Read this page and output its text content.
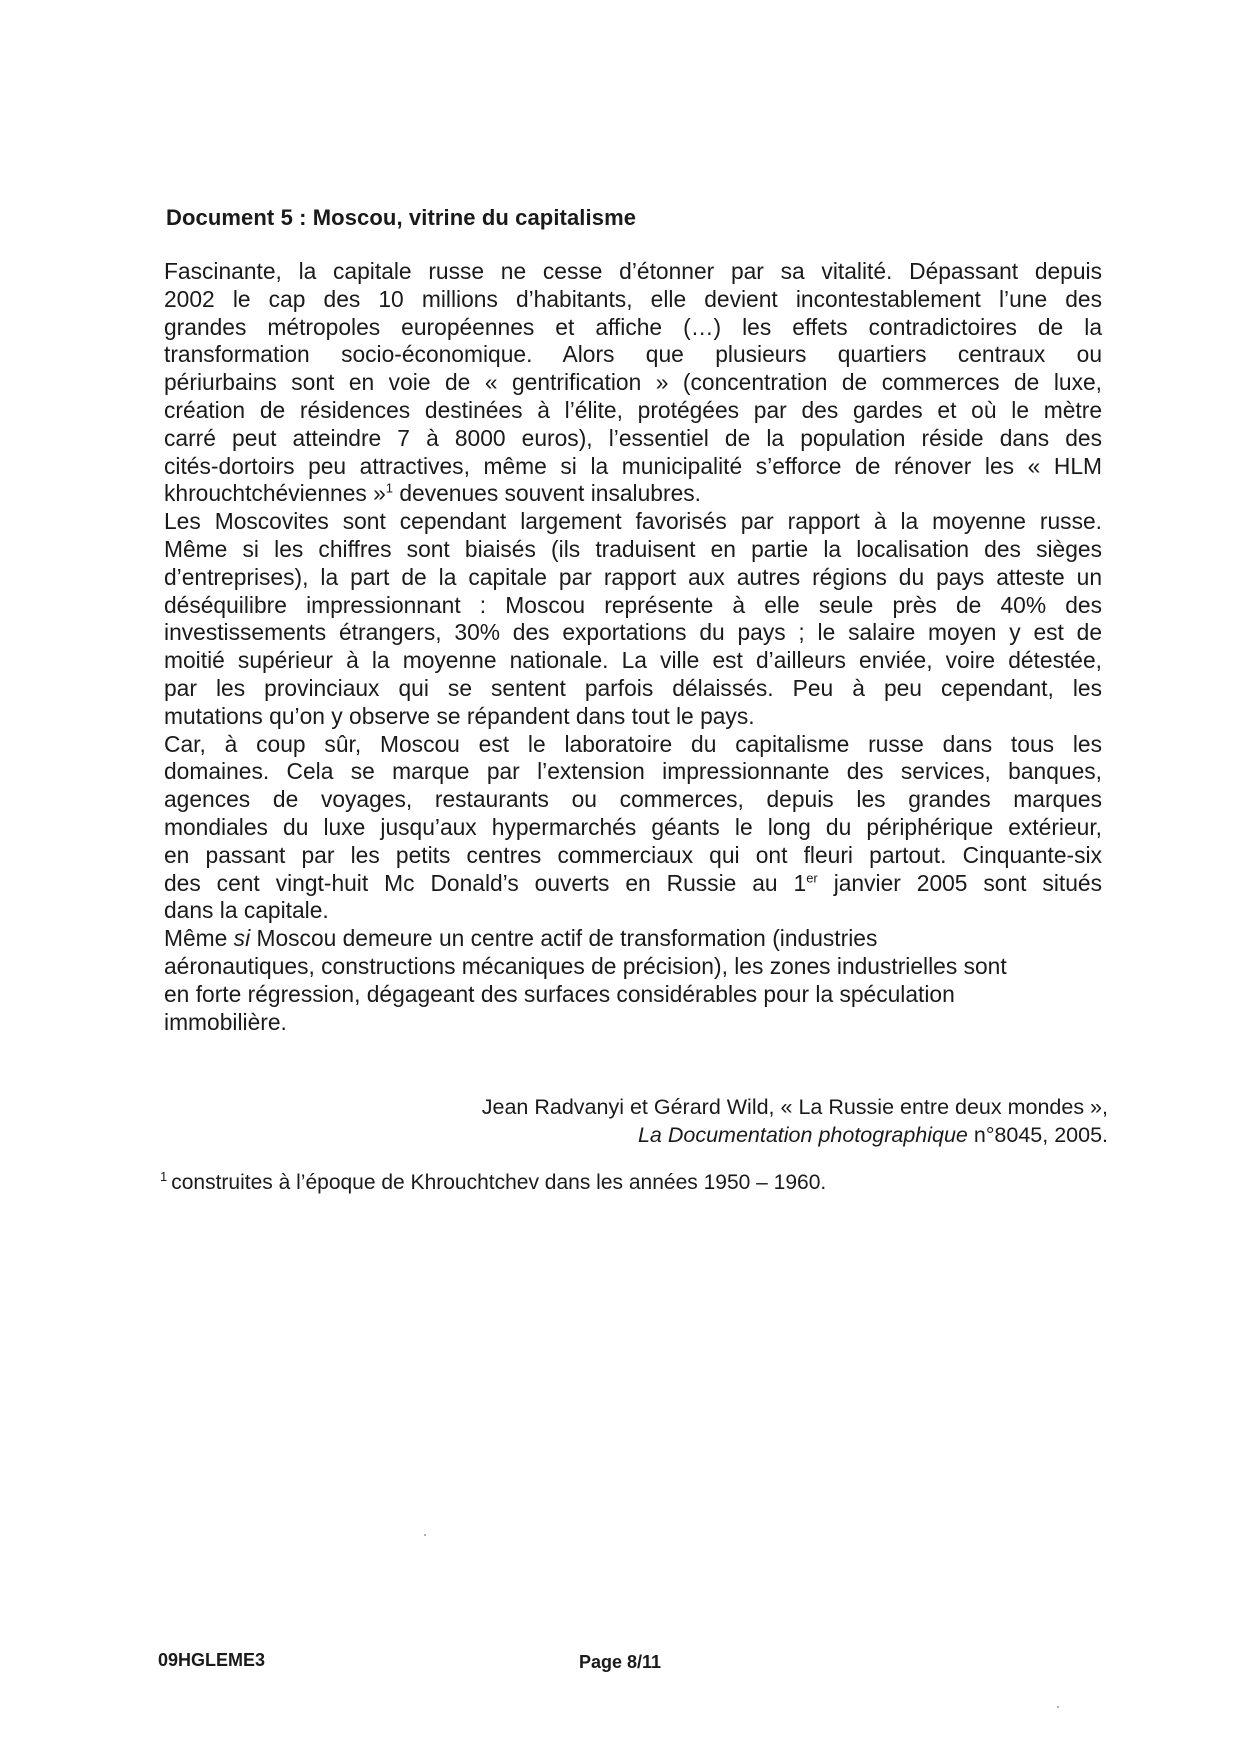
Document 5 : Moscou, vitrine du capitalisme

Fascinante, la capitale russe ne cesse d’étonner par sa vitalité. Dépassant depuis
2002 le cap des 10 millions d’habitants, elle devient incontestablement l’une des
grandes métropoles européennes et affiche (…) les effets contradictoires de la
transformation socio-économique. Alors que plusieurs quartiers centraux ou
périurbains sont en voie de « gentrification » (concentration de commerces de luxe,
création de résidences destinées à l’élite, protégées par des gardes et où le mètre
carré peut atteindre 7 à 8000 euros), l’essentiel de la population réside dans des
cités-dortoirs peu attractives, même si la municipalité s’efforce de rénover les « HLM
khrouchtchéviennes »$^1$ devenues souvent insalubres.

Les Moscovites sont cependant largement favorisés par rapport à la moyenne russe.
Même si les chiffres sont biaisés (ils traduisent en partie la localisation des sièges
d’entreprises), la part de la capitale par rapport aux autres régions du pays atteste un
déséquilibre impressionnant : Moscou représente à elle seule près de 40% des
investissements étrangers, 30% des exportations du pays ; le salaire moyen y est de
moitié supérieur à la moyenne nationale. La ville est d’ailleurs enviée, voire détestée,
par les provinciaux qui se sentent parfois délaissés. Peu à peu cependant, les
mutations qu’on y observe se répandent dans tout le pays.

Car, à coup sûr, Moscou est le laboratoire du capitalisme russe dans tous les
domaines. Cela se marque par l’extension impressionnante des services, banques,
agences de voyages, restaurants ou commerces, depuis les grandes marques
mondiales du luxe jusqu’aux hypermarchés géants le long du périphérique extérieur,
en passant par les petits centres commerciaux qui ont fleuri partout. Cinquante-six
des cent vingt-huit Mc Donald’s ouverts en Russie au 1er janvier 2005 sont situés
dans la capitale.

Même si Moscou demeure un centre actif de transformation (industries
aéronautiques, constructions mécaniques de précision), les zones industrielles sont
en forte régression, dégageant des surfaces considérables pour la spéculation
immobilière.

Jean Radvanyi et Gérard Wild, « La Russie entre deux mondes »,
La Documentation photographique n°8045, 2005.
$^1$ construites à l’époque de Khrouchtchev dans les années 1950 – 1960.
09HGLEME3	Page 8/11
